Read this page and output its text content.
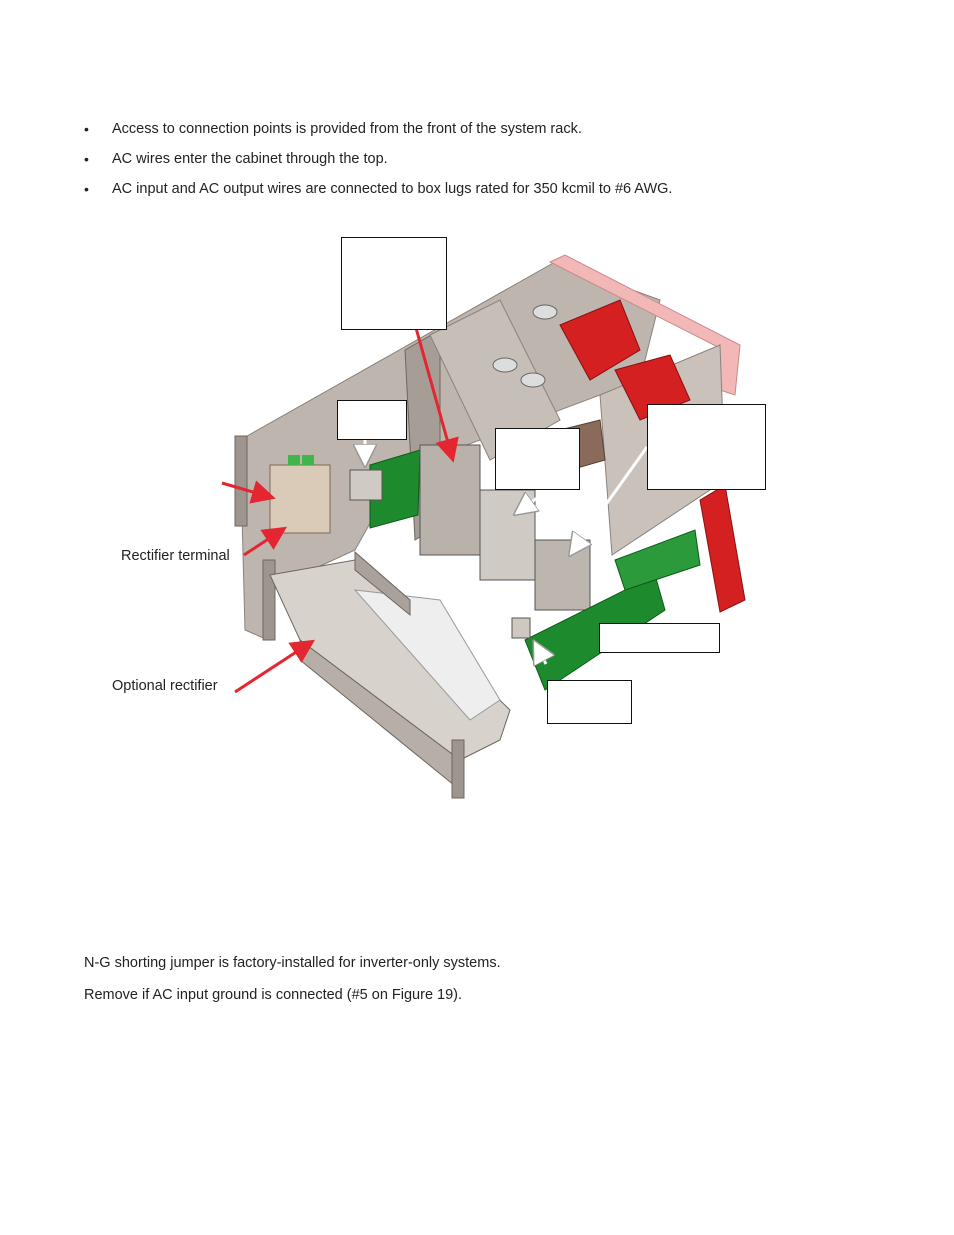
• Access to connection points is provided from the front of the system rack.
• AC wires enter the cabinet through the top.
• AC input and AC output wires are connected to box lugs rated for 350 kcmil to #6 AWG.
Rectifier terminal
Optional rectifier

N-G shorting jumper is factory-installed for inverter-only systems.

Remove if AC input ground is connected (#5 on Figure 19).
